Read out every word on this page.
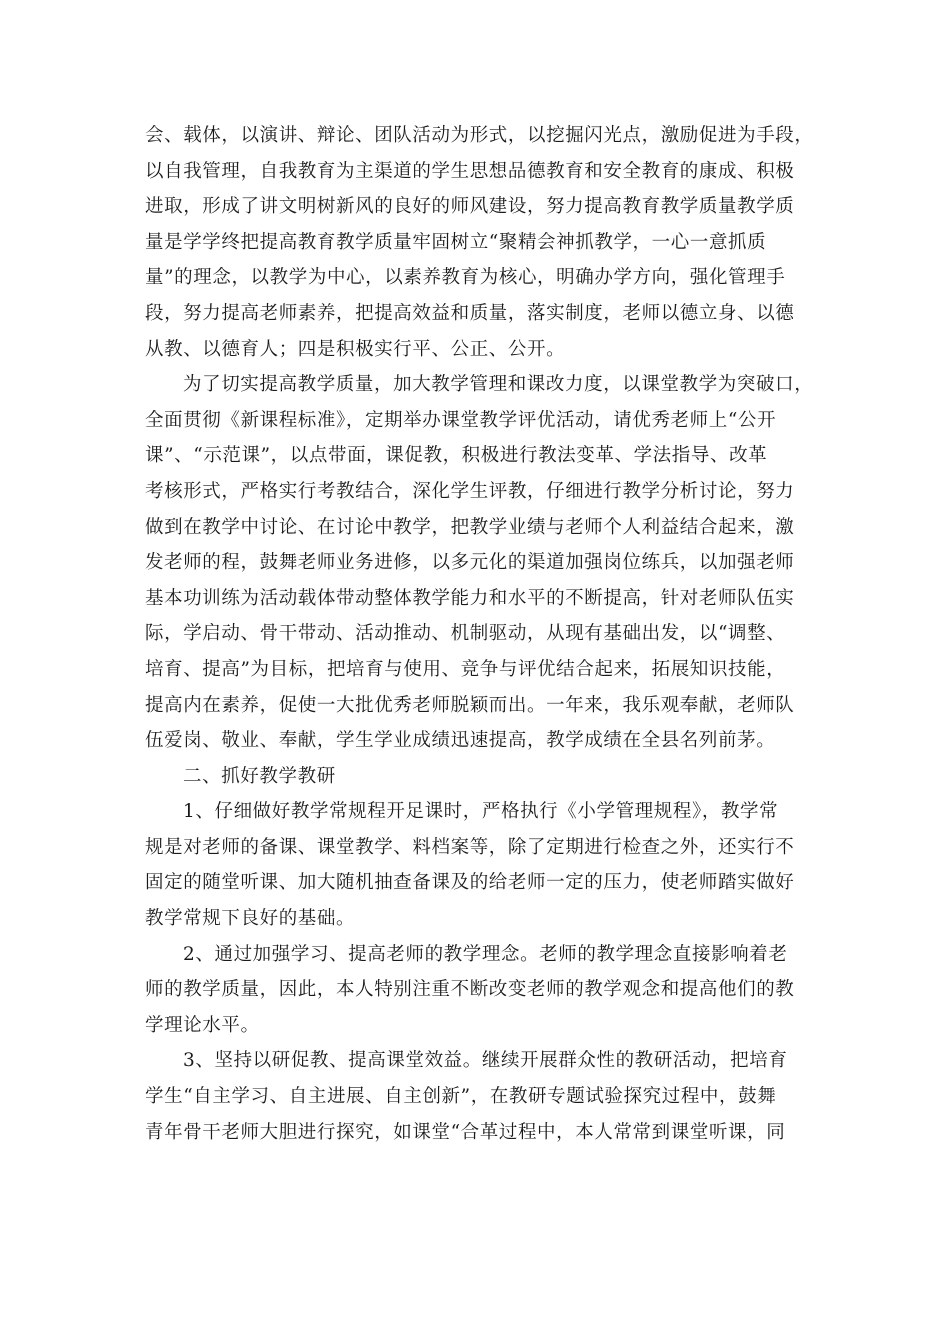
会、载体，以演讲、辩论、团队活动为形式，以挖掘闪光点，激励促进为手段，
以自我管理，自我教育为主渠道的学生思想品德教育和安全教育的康成、积极
进取，形成了讲文明树新风的良好的师风建设，努力提高教育教学质量教学质
量是学学终把提高教育教学质量牢固树立“聚精会神抓教学，一心一意抓质
量”的理念，以教学为中心，以素养教育为核心，明确办学方向，强化管理手
段，努力提高老师素养，把提高效益和质量，落实制度，老师以德立身、以德
从教、以德育人；四是积极实行平、公正、公开。
为了切实提高教学质量，加大教学管理和课改力度，以课堂教学为突破口，
全面贯彻《新课程标准》，定期举办课堂教学评优活动，请优秀老师上“公开
课”、“示范课”，以点带面，课促教，积极进行教法变革、学法指导、改革
考核形式，严格实行考教结合，深化学生评教，仔细进行教学分析讨论，努力
做到在教学中讨论、在讨论中教学，把教学业绩与老师个人利益结合起来，激
发老师的程，鼓舞老师业务进修，以多元化的渠道加强岗位练兵，以加强老师
基本功训练为活动载体带动整体教学能力和水平的不断提高，针对老师队伍实
际，学启动、骨干带动、活动推动、机制驱动，从现有基础出发，以“调整、
培育、提高”为目标，把培育与使用、竞争与评优结合起来，拓展知识技能，
提高内在素养，促使一大批优秀老师脱颖而出。一年来，我乐观奉献，老师队
伍爱岗、敬业、奉献，学生学业成绩迅速提高，教学成绩在全县名列前茅。
二、抓好教学教研
1、仔细做好教学常规程开足课时，严格执行《小学管理规程》，教学常
规是对老师的备课、课堂教学、料档案等，除了定期进行检查之外，还实行不
固定的随堂听课、加大随机抽查备课及的给老师一定的压力，使老师踏实做好
教学常规下良好的基础。
2、通过加强学习、提高老师的教学理念。老师的教学理念直接影响着老
师的教学质量，因此，本人特别注重不断改变老师的教学观念和提高他们的教
学理论水平。
3、坚持以研促教、提高课堂效益。继续开展群众性的教研活动，把培育
学生“自主学习、自主进展、自主创新”，在教研专题试验探究过程中，鼓舞
青年骨干老师大胆进行探究，如课堂“合革过程中，本人常常到课堂听课，同
